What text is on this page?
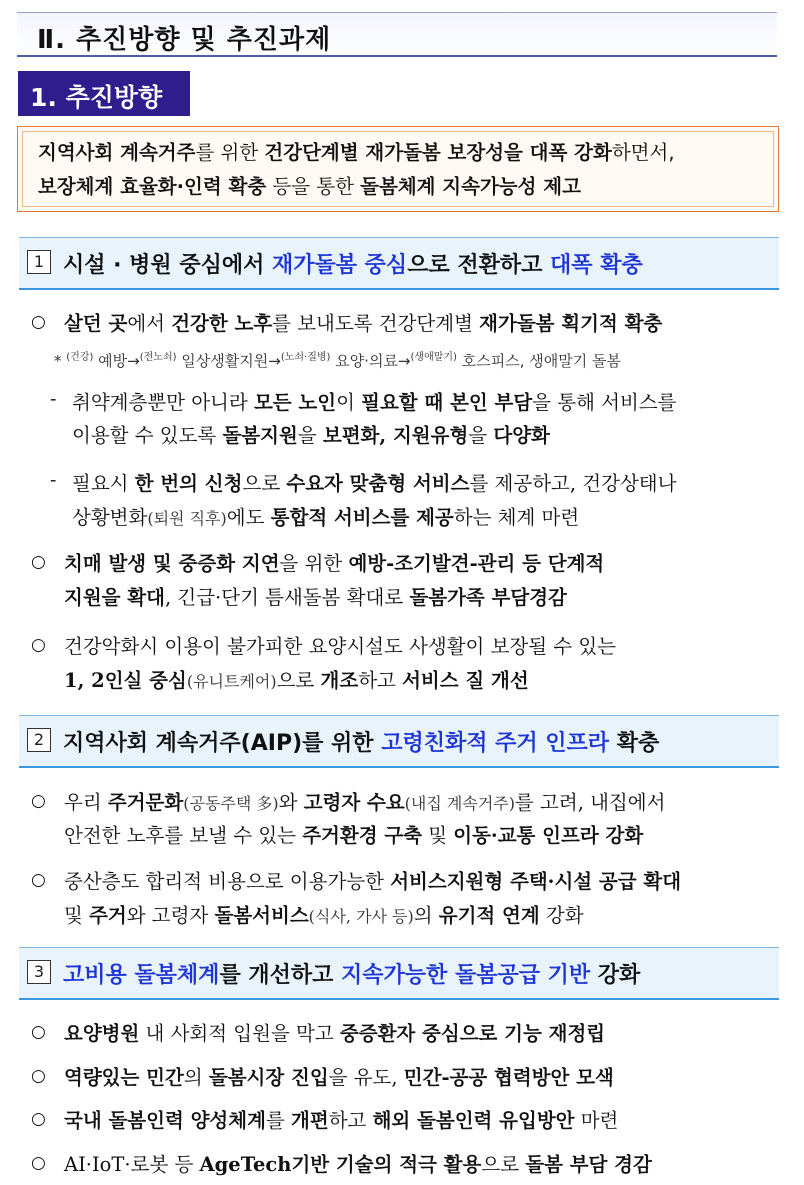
Ⅱ. 추진방향 및 추진과제
1. 추진방향
지역사회 계속거주를 위한 건강단계별 재가돌봄 보장성을 대폭 강화하면서,
보장체계 효율화·인력 확충 등을 통한 돌봄체계 지속가능성 제고
1 시설 · 병원 중심에서 재가돌봄 중심으로 전환하고 대폭 확충
○ 살던 곳에서 건강한 노후를 보내도록 건강단계별 재가돌봄 획기적 확충
* $^{(건강)}$ 예방→$^{(전노쇠)}$ 일상생활지원→$^{(노쇠\cdot 질병)}$ 요양·의료→$^{(생애말기)}$ 호스피스, 생애말기 돌봄
- 취약계층뿐만 아니라 모든 노인이 필요할 때 본인 부담을 통해 서비스를
이용할 수 있도록 돌봄지원을 보편화, 지원유형을 다양화
- 필요시 한 번의 신청으로 수요자 맞춤형 서비스를 제공하고, 건강상태나
상황변화(퇴원 직후)에도 통합적 서비스를 제공하는 체계 마련
○ 치매 발생 및 중증화 지연을 위한 예방-조기발견-관리 등 단계적
지원을 확대, 긴급·단기 틈새돌봄 확대로 돌봄가족 부담경감
○ 건강악화시 이용이 불가피한 요양시설도 사생활이 보장될 수 있는
1, 2인실 중심(유니트케어)으로 개조하고 서비스 질 개선
2 지역사회 계속거주(AIP)를 위한 고령친화적 주거 인프라 확충
○ 우리 주거문화(공동주택 多)와 고령자 수요(내집 계속거주)를 고려, 내집에서
안전한 노후를 보낼 수 있는 주거환경 구축 및 이동·교통 인프라 강화
○ 중산층도 합리적 비용으로 이용가능한 서비스지원형 주택·시설 공급 확대
및 주거와 고령자 돌봄서비스(식사, 가사 등)의 유기적 연계 강화
3 고비용 돌봄체계를 개선하고 지속가능한 돌봄공급 기반 강화
○ 요양병원 내 사회적 입원을 막고 중증환자 중심으로 기능 재정립
○ 역량있는 민간의 돌봄시장 진입을 유도, 민간-공공 협력방안 모색
○ 국내 돌봄인력 양성체계를 개편하고 해외 돌봄인력 유입방안 마련
○ AI·IoT·로봇 등 AgeTech기반 기술의 적극 활용으로 돌봄 부담 경감
